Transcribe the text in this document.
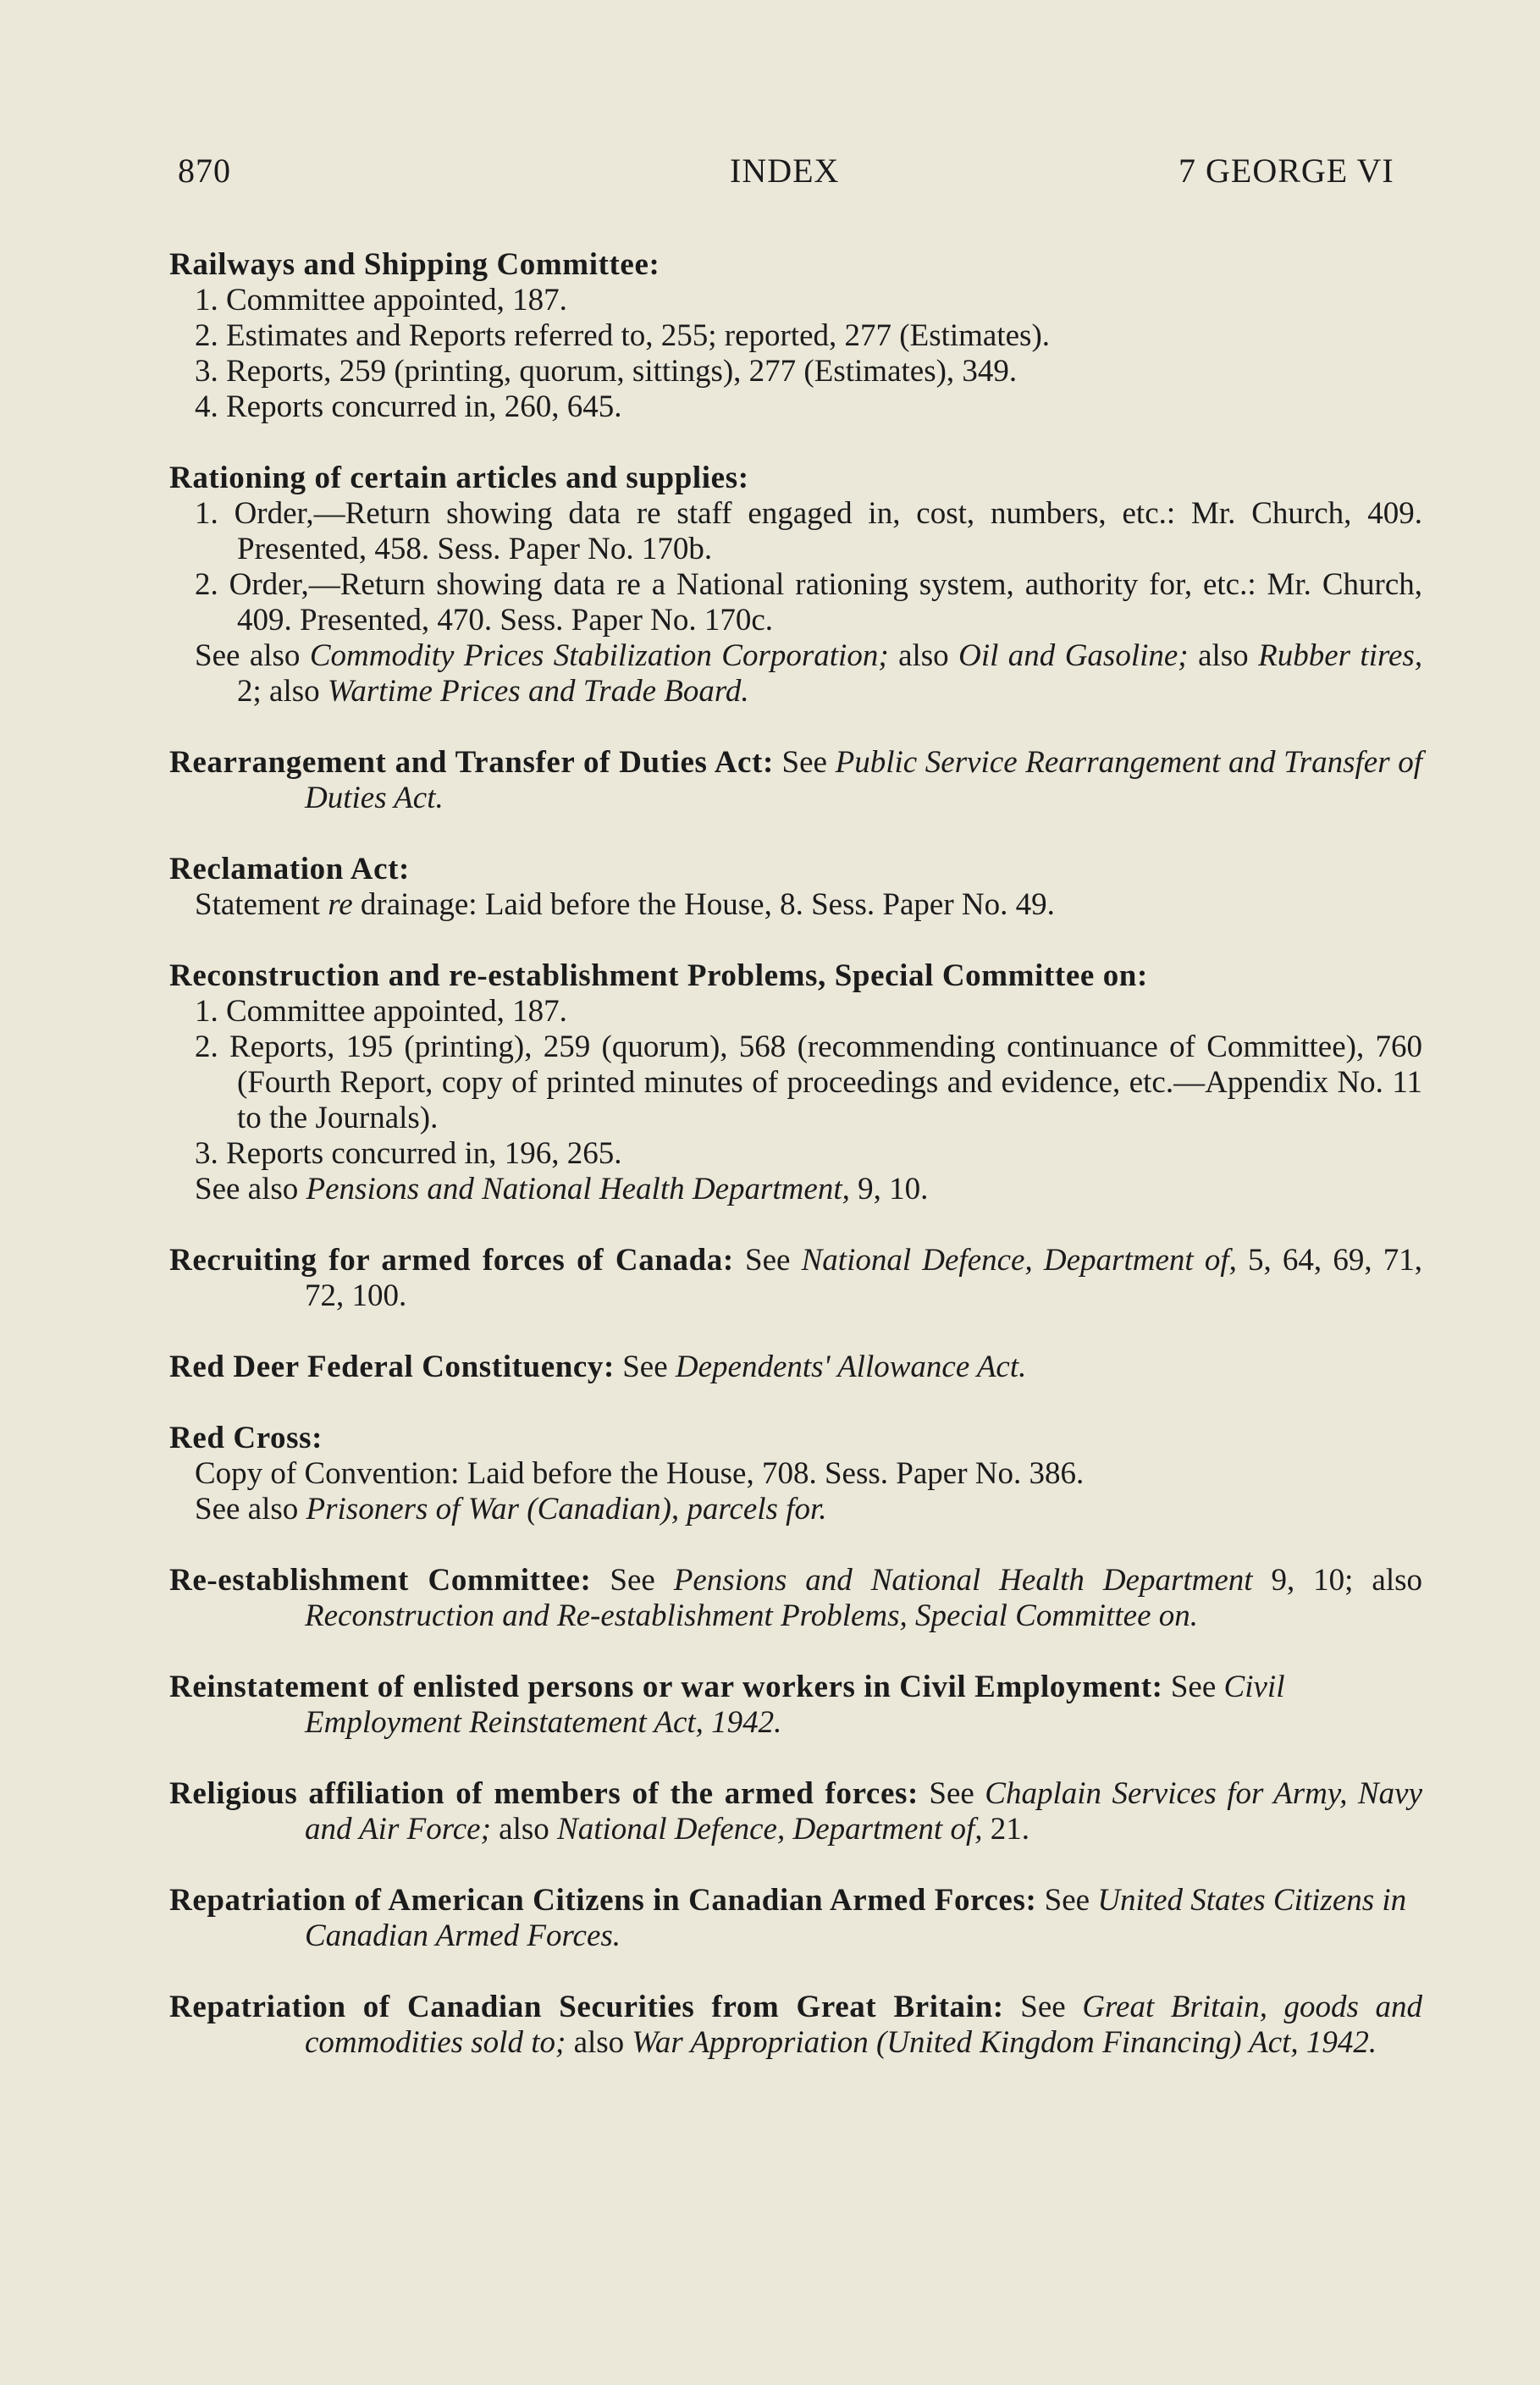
870	INDEX	7 GEORGE VI
Railways and Shipping Committee:
1. Committee appointed, 187.
2. Estimates and Reports referred to, 255; reported, 277 (Estimates).
3. Reports, 259 (printing, quorum, sittings), 277 (Estimates), 349.
4. Reports concurred in, 260, 645.
Rationing of certain articles and supplies:
1. Order,—Return showing data re staff engaged in, cost, numbers, etc.: Mr. Church, 409. Presented, 458. Sess. Paper No. 170b.
2. Order,—Return showing data re a National rationing system, authority for, etc.: Mr. Church, 409. Presented, 470. Sess. Paper No. 170c.
See also Commodity Prices Stabilization Corporation; also Oil and Gasoline; also Rubber tires, 2; also Wartime Prices and Trade Board.
Rearrangement and Transfer of Duties Act: See Public Service Rearrangement and Transfer of Duties Act.
Reclamation Act:
Statement re drainage: Laid before the House, 8. Sess. Paper No. 49.
Reconstruction and re-establishment Problems, Special Committee on:
1. Committee appointed, 187.
2. Reports, 195 (printing), 259 (quorum), 568 (recommending continuance of Committee), 760 (Fourth Report, copy of printed minutes of proceedings and evidence, etc.—Appendix No. 11 to the Journals).
3. Reports concurred in, 196, 265.
See also Pensions and National Health Department, 9, 10.
Recruiting for armed forces of Canada: See National Defence, Department of, 5, 64, 69, 71, 72, 100.
Red Deer Federal Constituency: See Dependents' Allowance Act.
Red Cross:
Copy of Convention: Laid before the House, 708. Sess. Paper No. 386.
See also Prisoners of War (Canadian), parcels for.
Re-establishment Committee: See Pensions and National Health Department 9, 10; also Reconstruction and Re-establishment Problems, Special Committee on.
Reinstatement of enlisted persons or war workers in Civil Employment: See Civil Employment Reinstatement Act, 1942.
Religious affiliation of members of the armed forces: See Chaplain Services for Army, Navy and Air Force; also National Defence, Department of, 21.
Repatriation of American Citizens in Canadian Armed Forces: See United States Citizens in Canadian Armed Forces.
Repatriation of Canadian Securities from Great Britain: See Great Britain, goods and commodities sold to; also War Appropriation (United Kingdom Financing) Act, 1942.
